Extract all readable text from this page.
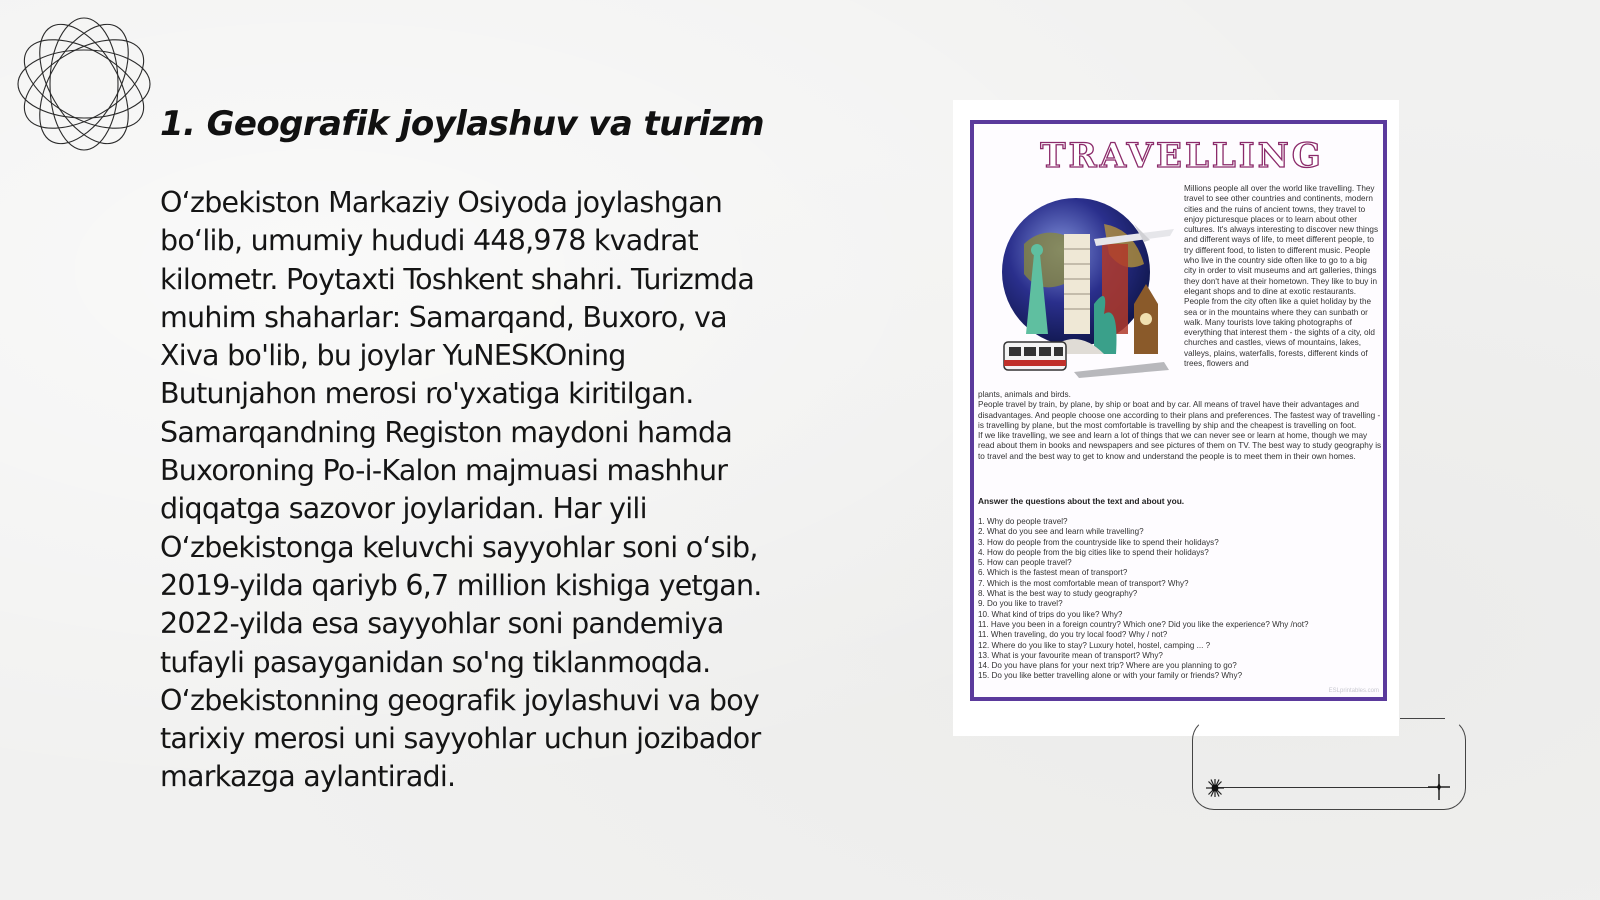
1. Geografik joylashuv va turizm
O‘zbekiston Markaziy Osiyoda joylashgan
bo‘lib, umumiy hududi 448,978 kvadrat
kilometr. Poytaxti Toshkent shahri. Turizmda
muhim shaharlar: Samarqand, Buxoro, va
Xiva bo'lib, bu joylar YuNESKOning
Butunjahon merosi ro'yxatiga kiritilgan.
Samarqandning Registon maydoni hamda
Buxoroning Po-i-Kalon majmuasi mashhur
diqqatga sazovor joylaridan. Har yili
O‘zbekistonga keluvchi sayyohlar soni o‘sib,
2019-yilda qariyb 6,7 million kishiga yetgan.
2022-yilda esa sayyohlar soni pandemiya
tufayli pasayganidan so'ng tiklanmoqda.
O‘zbekistonning geografik joylashuvi va boy
tarixiy merosi uni sayyohlar uchun jozibador
markazga aylantiradi.
TRAVELLING
Millions people all over the world like travelling. They travel to see other countries and continents, modern cities and the ruins of ancient towns, they travel to enjoy picturesque places or to learn about other cultures. It's always interesting to discover new things and different ways of life, to meet different people, to try different food, to listen to different music. People who live in the country side often like to go to a big city in order to visit museums and art galleries, things they don't have at their hometown. They like to buy in elegant shops and to dine at exotic restaurants. People from the city often like a quiet holiday by the sea or in the mountains where they can sunbath or walk. Many tourists love taking photographs of everything that interest them - the sights of a city, old churches and castles, views of mountains, lakes, valleys, plains, waterfalls, forests, different kinds of trees, flowers and

plants, animals and birds.

People travel by train, by plane, by ship or boat and by car. All means of travel have their advantages and disadvantages. And people choose one according to their plans and preferences. The fastest way of travelling - is travelling by plane, but the most comfortable is travelling by ship and the cheapest is travelling on foot.

If we like travelling, we see and learn a lot of things that we can never see or learn at home, though we may read about them in books and newspapers and see pictures of them on TV. The best way to study geography is to travel and the best way to get to know and understand the people is to meet them in their own homes.

Answer the questions about the text and about you.
1. Why do people travel?
2. What do you see and learn while travelling?
3. How do people from the countryside like to spend their holidays?
4. How do people from the big cities like to spend their holidays?
5. How can people travel?
6. Which is the fastest mean of transport?
7. Which is the most comfortable mean of transport? Why?
8. What is the best way to study geography?
9. Do you like to travel?
10. What kind of trips do you like? Why?
11. Have you been in a foreign country? Which one? Did you like the experience? Why /not?
11. When traveling, do you try local food? Why / not?
12. Where do you like to stay? Luxury hotel, hostel, camping ... ?
13. What is your favourite mean of transport? Why?
14. Do you have plans for your next trip? Where are you planning to go?
15. Do you like better travelling alone or with your family or friends? Why?
ESLprintables.com
